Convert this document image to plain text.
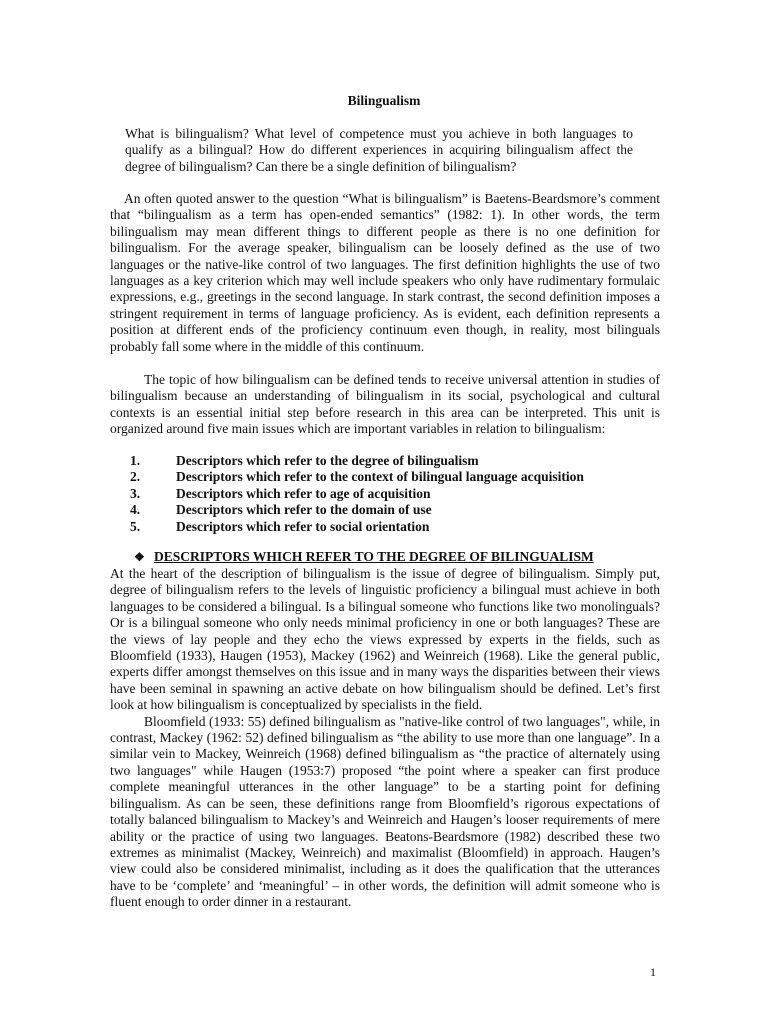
Bilingualism
What is bilingualism? What level of competence must you achieve in both languages to qualify as a bilingual? How do different experiences in acquiring bilingualism affect the degree of bilingualism? Can there be a single definition of bilingualism?
An often quoted answer to the question “What is bilingualism” is Baetens-Beardsmore’s comment that “bilingualism as a term has open-ended semantics” (1982: 1). In other words, the term bilingualism may mean different things to different people as there is no one definition for bilingualism. For the average speaker, bilingualism can be loosely defined as the use of two languages or the native-like control of two languages. The first definition highlights the use of two languages as a key criterion which may well include speakers who only have rudimentary formulaic expressions, e.g., greetings in the second language. In stark contrast, the second definition imposes a stringent requirement in terms of language proficiency. As is evident, each definition represents a position at different ends of the proficiency continuum even though, in reality, most bilinguals probably fall some where in the middle of this continuum.
The topic of how bilingualism can be defined tends to receive universal attention in studies of bilingualism because an understanding of bilingualism in its social, psychological and cultural contexts is an essential initial step before research in this area can be interpreted. This unit is organized around five main issues which are important variables in relation to bilingualism:
1.	Descriptors which refer to the degree of bilingualism
2.	Descriptors which refer to the context of bilingual language acquisition
3.	Descriptors which refer to age of acquisition
4.	Descriptors which refer to the domain of use
5.	Descriptors which refer to social orientation
❖ DESCRIPTORS WHICH REFER TO THE DEGREE OF BILINGUALISM

At the heart of the description of bilingualism is the issue of degree of bilingualism. Simply put, degree of bilingualism refers to the levels of linguistic proficiency a bilingual must achieve in both languages to be considered a bilingual. Is a bilingual someone who functions like two monolinguals? Or is a bilingual someone who only needs minimal proficiency in one or both languages? These are the views of lay people and they echo the views expressed by experts in the fields, such as Bloomfield (1933), Haugen (1953), Mackey (1962) and Weinreich (1968). Like the general public, experts differ amongst themselves on this issue and in many ways the disparities between their views have been seminal in spawning an active debate on how bilingualism should be defined. Let’s first look at how bilingualism is conceptualized by specialists in the field.

Bloomfield (1933: 55) defined bilingualism as "native-like control of two languages", while, in contrast, Mackey (1962: 52) defined bilingualism as “the ability to use more than one language”. In a similar vein to Mackey, Weinreich (1968) defined bilingualism as “the practice of alternately using two languages" while Haugen (1953:7) proposed “the point where a speaker can first produce complete meaningful utterances in the other language” to be a starting point for defining bilingualism. As can be seen, these definitions range from Bloomfield’s rigorous expectations of totally balanced bilingualism to Mackey’s and Weinreich and Haugen’s looser requirements of mere ability or the practice of using two languages. Beatons-Beardsmore (1982) described these two extremes as minimalist (Mackey, Weinreich) and maximalist (Bloomfield) in approach. Haugen’s view could also be considered minimalist, including as it does the qualification that the utterances have to be ‘complete’ and ‘meaningful’ – in other words, the definition will admit someone who is fluent enough to order dinner in a restaurant.

1
